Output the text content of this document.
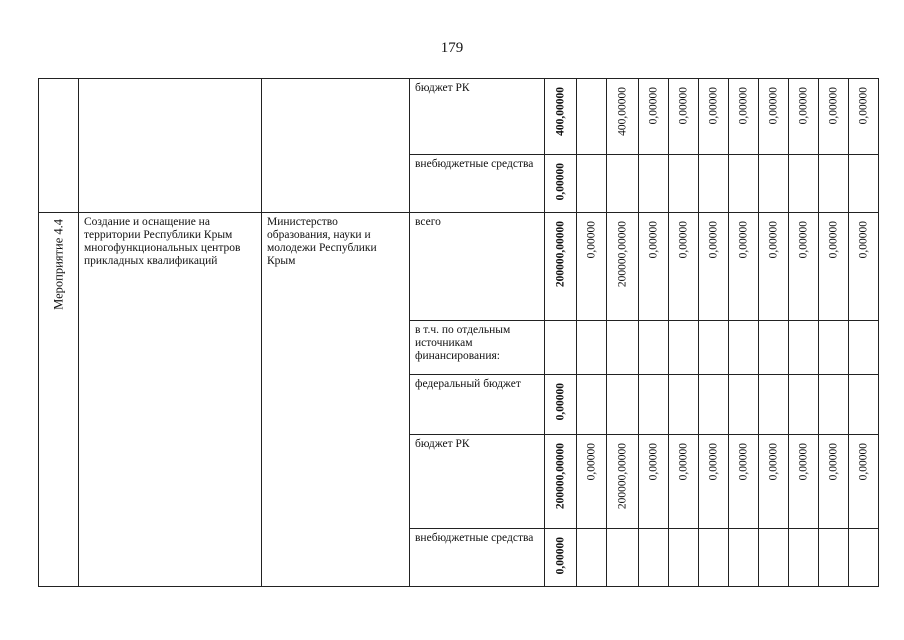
179

			бюджет РК	400,00000		400,00000	0,00000	0,00000	0,00000	0,00000	0,00000	0,00000	0,00000	0,00000

			внебюджетные средства	0,00000										

Мероприятие 4.4	Создание и оснащение на территории Республики Крым многофункциональных центров прикладных квалификаций	Министерство образования, науки и молодежи Республики Крым	всего	200000,00000	0,00000	200000,00000	0,00000	0,00000	0,00000	0,00000	0,00000	0,00000	0,00000	0,00000

			в т.ч. по отдельным источникам финансирования:											

			федеральный бюджет	0,00000										

			бюджет РК	200000,00000	0,00000	200000,00000	0,00000	0,00000	0,00000	0,00000	0,00000	0,00000	0,00000	0,00000

			внебюджетные средства	0,00000										
